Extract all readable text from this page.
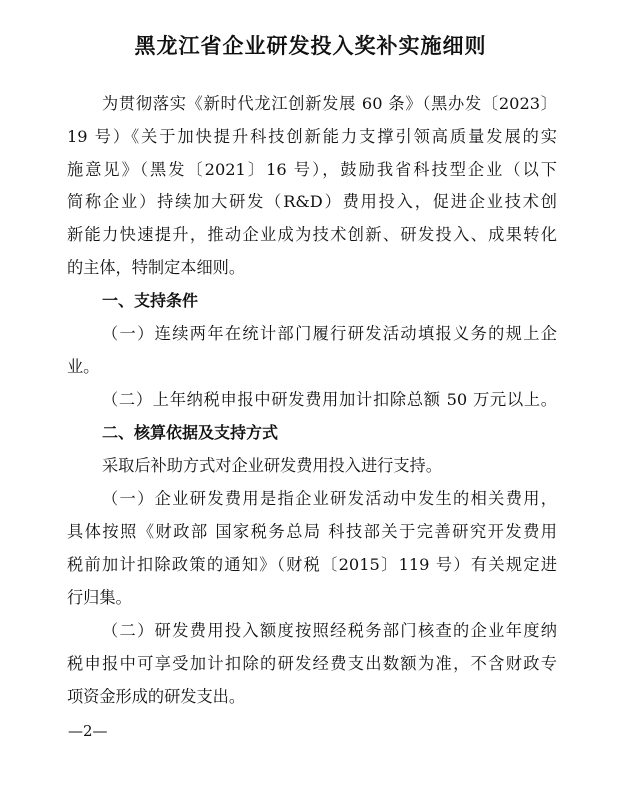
黑龙江省企业研发投入奖补实施细则
为贯彻落实《新时代龙江创新发展 60 条》（黑办发〔2023〕
19 号）《关于加快提升科技创新能力支撑引领高质量发展的实
施意见》（黑发〔2021〕16 号），鼓励我省科技型企业（以下
简称企业）持续加大研发（R&D）费用投入，促进企业技术创
新能力快速提升，推动企业成为技术创新、研发投入、成果转化
的主体，特制定本细则。
一、支持条件
（一）连续两年在统计部门履行研发活动填报义务的规上企
业。
（二）上年纳税申报中研发费用加计扣除总额 50 万元以上。
二、核算依据及支持方式
采取后补助方式对企业研发费用投入进行支持。
（一）企业研发费用是指企业研发活动中发生的相关费用，
具体按照《财政部 国家税务总局 科技部关于完善研究开发费用
税前加计扣除政策的通知》（财税〔2015〕119 号）有关规定进
行归集。
（二）研发费用投入额度按照经税务部门核查的企业年度纳
税申报中可享受加计扣除的研发经费支出数额为准，不含财政专
项资金形成的研发支出。
—2—
